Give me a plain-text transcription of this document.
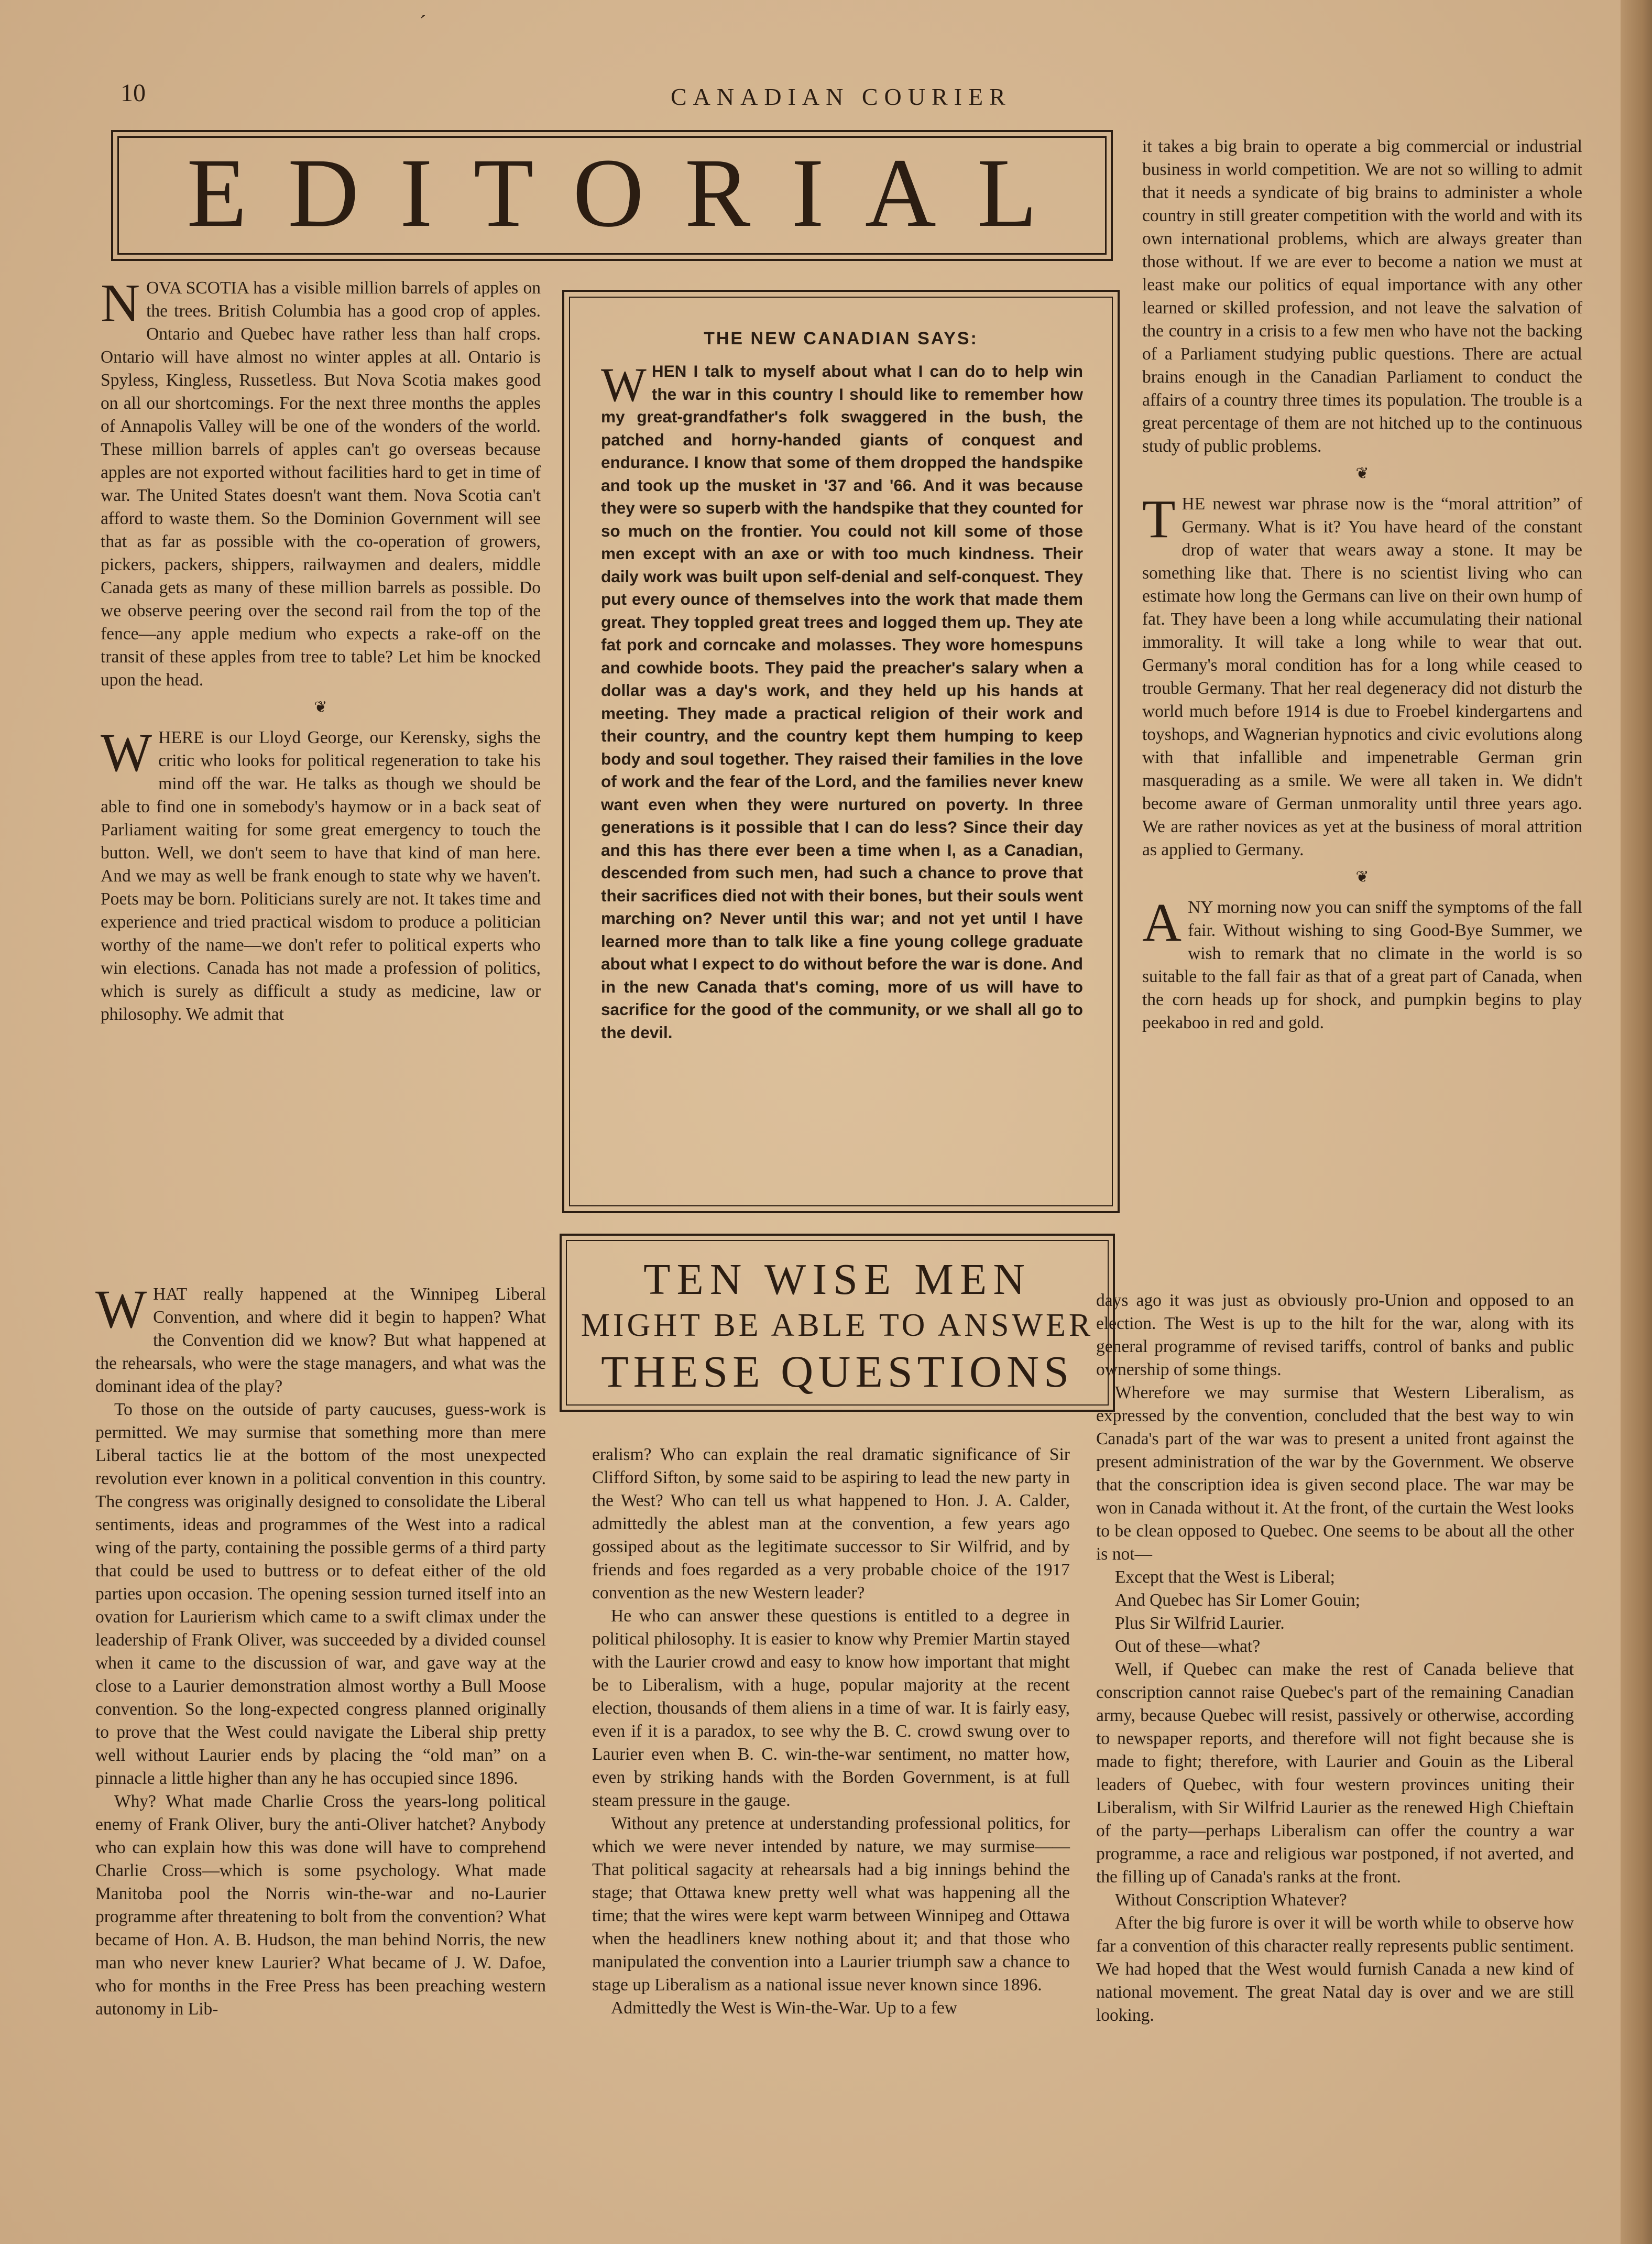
ˊ
10	CANADIAN COURIER
EDITORIAL

NOVA SCOTIA has a visible million barrels of apples on the trees. British Columbia has a good crop of apples. Ontario and Quebec have rather less than half crops. Ontario will have almost no winter apples at all. Ontario is Spyless, Kingless, Russetless. But Nova Scotia makes good on all our shortcomings. For the next three months the apples of Annapolis Valley will be one of the wonders of the world. These million barrels of apples can't go overseas because apples are not exported without facilities hard to get in time of war. The United States doesn't want them. Nova Scotia can't afford to waste them. So the Dominion Government will see that as far as possible with the co-operation of growers, pickers, packers, shippers, railwaymen and dealers, middle Canada gets as many of these million barrels as possible. Do we observe peering over the second rail from the top of the fence—any apple medium who expects a rake-off on the transit of these apples from tree to table? Let him be knocked upon the head.

❦

WHERE is our Lloyd George, our Kerensky, sighs the critic who looks for political regeneration to take his mind off the war. He talks as though we should be able to find one in somebody's haymow or in a back seat of Parliament waiting for some great emergency to touch the button. Well, we don't seem to have that kind of man here. And we may as well be frank enough to state why we haven't. Poets may be born. Politicians surely are not. It takes time and experience and tried practical wisdom to produce a politician worthy of the name—we don't refer to political experts who win elections. Canada has not made a profession of politics, which is surely as difficult a study as medicine, law or philosophy. We admit that

THE NEW CANADIAN SAYS:
WHEN I talk to myself about what I can do to help win the war in this country I should like to remember how my great-grandfather's folk swaggered in the bush, the patched and horny-handed giants of conquest and endurance. I know that some of them dropped the handspike and took up the musket in '37 and '66. And it was because they were so superb with the handspike that they counted for so much on the frontier. You could not kill some of those men except with an axe or with too much kindness. Their daily work was built upon self-denial and self-conquest. They put every ounce of themselves into the work that made them great. They toppled great trees and logged them up. They ate fat pork and corncake and molasses. They wore homespuns and cowhide boots. They paid the preacher's salary when a dollar was a day's work, and they held up his hands at meeting. They made a practical religion of their work and their country, and the country kept them humping to keep body and soul together. They raised their families in the love of work and the fear of the Lord, and the families never knew want even when they were nurtured on poverty. In three generations is it possible that I can do less? Since their day and this has there ever been a time when I, as a Canadian, descended from such men, had such a chance to prove that their sacrifices died not with their bones, but their souls went marching on? Never until this war; and not yet until I have learned more than to talk like a fine young college graduate about what I expect to do without before the war is done. And in the new Canada that's coming, more of us will have to sacrifice for the good of the community, or we shall all go to the devil.

it takes a big brain to operate a big commercial or industrial business in world competition. We are not so willing to admit that it needs a syndicate of big brains to administer a whole country in still greater competition with the world and with its own international problems, which are always greater than those without. If we are ever to become a nation we must at least make our politics of equal importance with any other learned or skilled profession, and not leave the salvation of the country in a crisis to a few men who have not the backing of a Parliament studying public questions. There are actual brains enough in the Canadian Parliament to conduct the affairs of a country three times its population. The trouble is a great percentage of them are not hitched up to the continuous study of public problems.

❦

THE newest war phrase now is the “moral attrition” of Germany. What is it? You have heard of the constant drop of water that wears away a stone. It may be something like that. There is no scientist living who can estimate how long the Germans can live on their own hump of fat. They have been a long while accumulating their national immorality. It will take a long while to wear that out. Germany's moral condition has for a long while ceased to trouble Germany. That her real degeneracy did not disturb the world much before 1914 is due to Froebel kindergartens and toyshops, and Wagnerian hypnotics and civic evolutions along with that infallible and impenetrable German grin masquerading as a smile. We were all taken in. We didn't become aware of German unmorality until three years ago. We are rather novices as yet at the business of moral attrition as applied to Germany.

❦

ANY morning now you can sniff the symptoms of the fall fair. Without wishing to sing Good-Bye Summer, we wish to remark that no climate in the world is so suitable to the fall fair as that of a great part of Canada, when the corn heads up for shock, and pumpkin begins to play peekaboo in red and gold.

TEN WISE MEN
MIGHT BE ABLE TO ANSWER
THESE QUESTIONS

WHAT really happened at the Winnipeg Liberal Convention, and where did it begin to happen? What the Convention did we know? But what happened at the rehearsals, who were the stage managers, and what was the dominant idea of the play?

To those on the outside of party caucuses, guess-work is permitted. We may surmise that something more than mere Liberal tactics lie at the bottom of the most unexpected revolution ever known in a political convention in this country. The congress was originally designed to consolidate the Liberal sentiments, ideas and programmes of the West into a radical wing of the party, containing the possible germs of a third party that could be used to buttress or to defeat either of the old parties upon occasion. The opening session turned itself into an ovation for Laurierism which came to a swift climax under the leadership of Frank Oliver, was succeeded by a divided counsel when it came to the discussion of war, and gave way at the close to a Laurier demonstration almost worthy a Bull Moose convention. So the long-expected congress planned originally to prove that the West could navigate the Liberal ship pretty well without Laurier ends by placing the “old man” on a pinnacle a little higher than any he has occupied since 1896.

Why? What made Charlie Cross the years-long political enemy of Frank Oliver, bury the anti-Oliver hatchet? Anybody who can explain how this was done will have to comprehend Charlie Cross—which is some psychology. What made Manitoba pool the Norris win-the-war and no-Laurier programme after threatening to bolt from the convention? What became of Hon. A. B. Hudson, the man behind Norris, the new man who never knew Laurier? What became of J. W. Dafoe, who for months in the Free Press has been preaching western autonomy in Lib-

eralism? Who can explain the real dramatic significance of Sir Clifford Sifton, by some said to be aspiring to lead the new party in the West? Who can tell us what happened to Hon. J. A. Calder, admittedly the ablest man at the convention, a few years ago gossiped about as the legitimate successor to Sir Wilfrid, and by friends and foes regarded as a very probable choice of the 1917 convention as the new Western leader?

He who can answer these questions is entitled to a degree in political philosophy. It is easier to know why Premier Martin stayed with the Laurier crowd and easy to know how important that might be to Liberalism, with a huge, popular majority at the recent election, thousands of them aliens in a time of war. It is fairly easy, even if it is a paradox, to see why the B. C. crowd swung over to Laurier even when B. C. win-the-war sentiment, no matter how, even by striking hands with the Borden Government, is at full steam pressure in the gauge.

Without any pretence at understanding professional politics, for which we were never intended by nature, we may surmise—— That political sagacity at rehearsals had a big innings behind the stage; that Ottawa knew pretty well what was happening all the time; that the wires were kept warm between Winnipeg and Ottawa when the headliners knew nothing about it; and that those who manipulated the convention into a Laurier triumph saw a chance to stage up Liberalism as a national issue never known since 1896.

Admittedly the West is Win-the-War. Up to a few

days ago it was just as obviously pro-Union and opposed to an election. The West is up to the hilt for the war, along with its general programme of revised tariffs, control of banks and public ownership of some things.

Wherefore we may surmise that Western Liberalism, as expressed by the convention, concluded that the best way to win Canada's part of the war was to present a united front against the present administration of the war by the Government. We observe that the conscription idea is given second place. The war may be won in Canada without it. At the front, of the curtain the West looks to be clean opposed to Quebec. One seems to be about all the other is not—

Except that the West is Liberal;
And Quebec has Sir Lomer Gouin;
Plus Sir Wilfrid Laurier.
Out of these—what?

Well, if Quebec can make the rest of Canada believe that conscription cannot raise Quebec's part of the remaining Canadian army, because Quebec will resist, passively or otherwise, according to newspaper reports, and therefore will not fight because she is made to fight; therefore, with Laurier and Gouin as the Liberal leaders of Quebec, with four western provinces uniting their Liberalism, with Sir Wilfrid Laurier as the renewed High Chieftain of the party—perhaps Liberalism can offer the country a war programme, a race and religious war postponed, if not averted, and the filling up of Canada's ranks at the front.

Without Conscription Whatever?

After the big furore is over it will be worth while to observe how far a convention of this character really represents public sentiment. We had hoped that the West would furnish Canada a new kind of national movement. The great Natal day is over and we are still looking.
